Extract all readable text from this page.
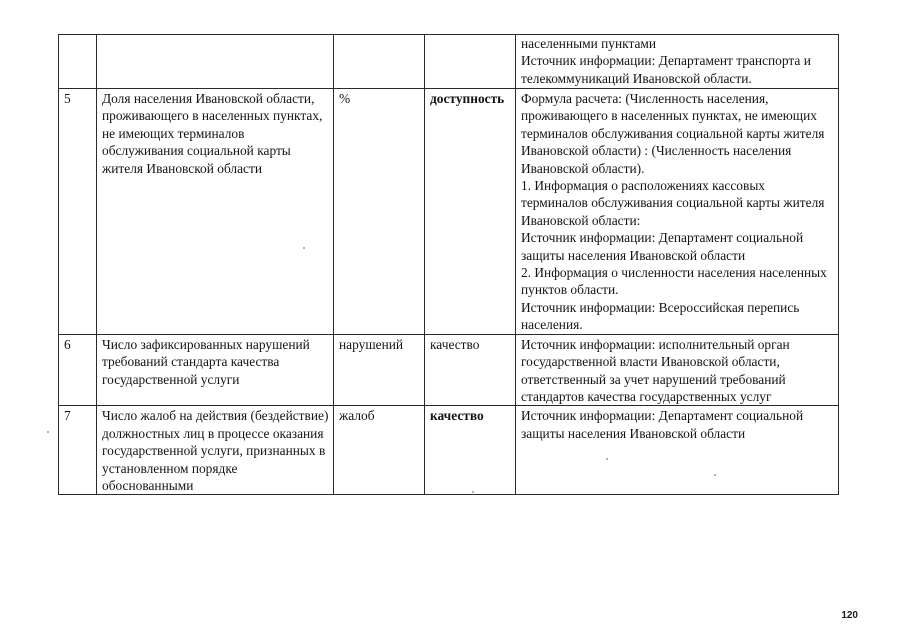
				населенными пунктами

Источник информации: Департамент транспорта и телекоммуникаций Ивановской области.

5	Доля населения Ивановской области, проживающего в населенных пунктах, не имеющих терминалов обслуживания социальной карты жителя Ивановской области	%	доступность	Формула расчета: (Численность населения, проживающего в населенных пунктах, не имеющих терминалов обслуживания социальной карты жителя Ивановской области) : (Численность населения Ивановской области).

1. Информация о расположениях кассовых терминалов обслуживания социальной карты жителя Ивановской области:

Источник информации: Департамент социальной защиты населения Ивановской области

2. Информация о численности населения населенных пунктов области.

Источник информации: Всероссийская перепись населения.

6	Число зафиксированных нарушений требований стандарта качества государственной услуги	нарушений	качество	Источник информации: исполнительный орган государственной власти Ивановской области, ответственный за учет нарушений требований стандартов качества государственных услуг

7	Число жалоб на действия (бездействие) должностных лиц в процессе оказания государственной услуги, признанных в установленном порядке обоснованными	жалоб	качество	Источник информации: Департамент социальной защиты населения Ивановской области

120
